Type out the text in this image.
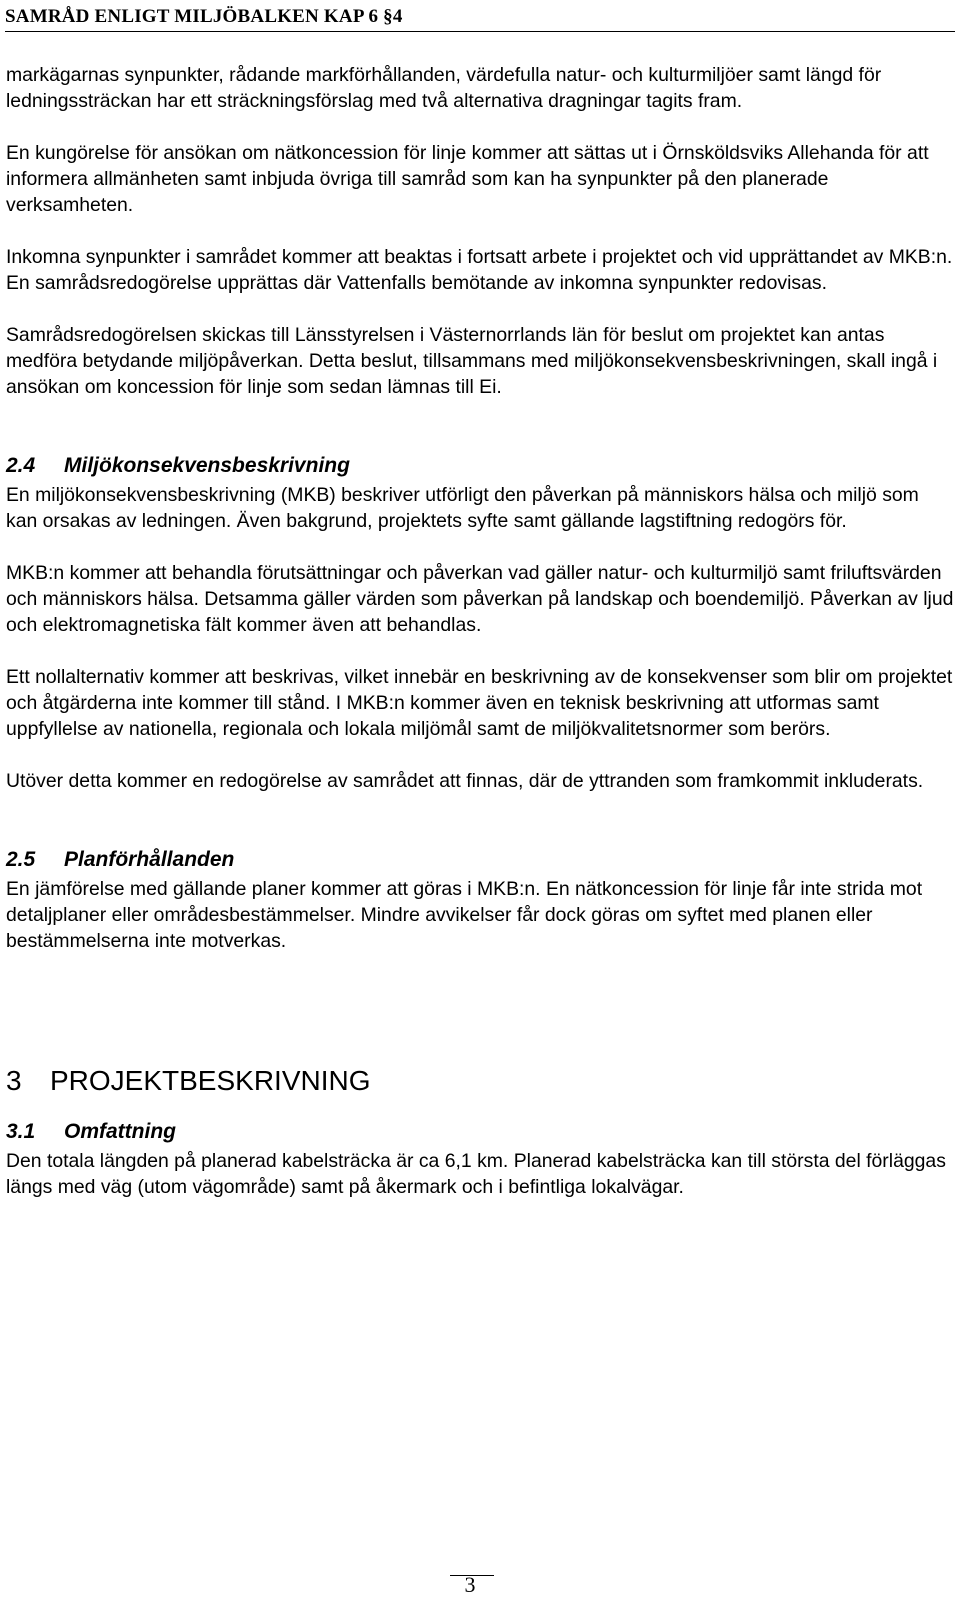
SAMRÅD ENLIGT MILJÖBALKEN KAP 6 §4

markägarnas synpunkter, rådande markförhållanden, värdefulla natur- och kulturmiljöer samt längd för ledningssträckan har ett sträckningsförslag med två alternativa dragningar tagits fram.

En kungörelse för ansökan om nätkoncession för linje kommer att sättas ut i Örnsköldsviks Allehanda för att informera allmänheten samt inbjuda övriga till samråd som kan ha synpunkter på den planerade verksamheten.

Inkomna synpunkter i samrådet kommer att beaktas i fortsatt arbete i projektet och vid upprättandet av MKB:n. En samrådsredogörelse upprättas där Vattenfalls bemötande av inkomna synpunkter redovisas.

Samrådsredogörelsen skickas till Länsstyrelsen i Västernorrlands län för beslut om projektet kan antas medföra betydande miljöpåverkan. Detta beslut, tillsammans med miljökonsekvensbeskrivningen, skall ingå i ansökan om koncession för linje som sedan lämnas till Ei.

2.4 Miljökonsekvensbeskrivning

En miljökonsekvensbeskrivning (MKB) beskriver utförligt den påverkan på människors hälsa och miljö som kan orsakas av ledningen. Även bakgrund, projektets syfte samt gällande lagstiftning redogörs för.

MKB:n kommer att behandla förutsättningar och påverkan vad gäller natur- och kulturmiljö samt friluftsvärden och människors hälsa. Detsamma gäller värden som påverkan på landskap och boendemiljö. Påverkan av ljud och elektromagnetiska fält kommer även att behandlas.

Ett nollalternativ kommer att beskrivas, vilket innebär en beskrivning av de konsekvenser som blir om projektet och åtgärderna inte kommer till stånd. I MKB:n kommer även en teknisk beskrivning att utformas samt uppfyllelse av nationella, regionala och lokala miljömål samt de miljökvalitetsnormer som berörs.

Utöver detta kommer en redogörelse av samrådet att finnas, där de yttranden som framkommit inkluderats.

2.5 Planförhållanden

En jämförelse med gällande planer kommer att göras i MKB:n. En nätkoncession för linje får inte strida mot detaljplaner eller områdesbestämmelser. Mindre avvikelser får dock göras om syftet med planen eller bestämmelserna inte motverkas.

3 PROJEKTBESKRIVNING
3.1 Omfattning

Den totala längden på planerad kabelsträcka är ca 6,1 km. Planerad kabelsträcka kan till största del förläggas längs med väg (utom vägområde) samt på åkermark och i befintliga lokalvägar.

3
